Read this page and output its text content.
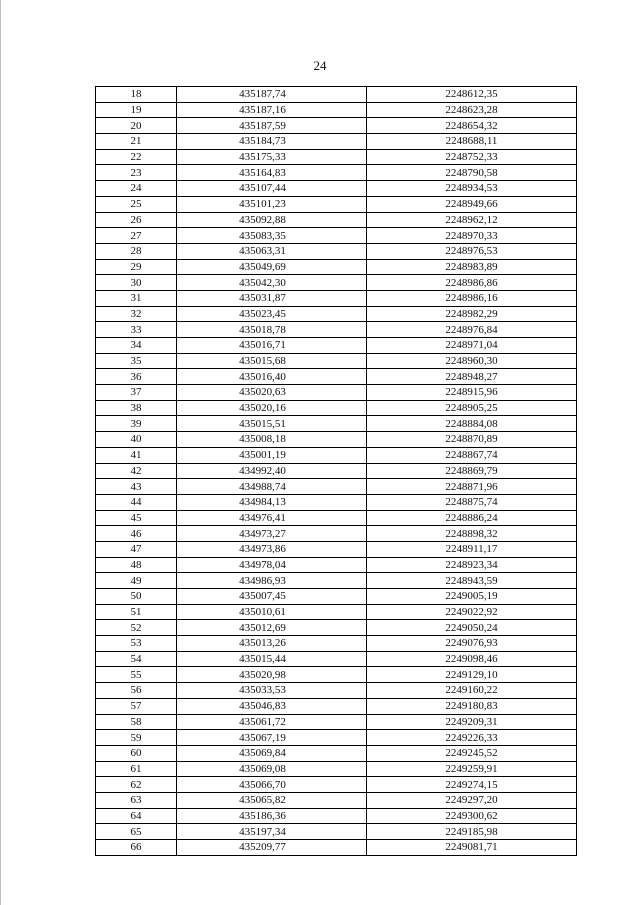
24
18	435187,74	2248612,35
19	435187,16	2248623,28
20	435187,59	2248654,32
21	435184,73	2248688,11
22	435175,33	2248752,33
23	435164,83	2248790,58
24	435107,44	2248934,53
25	435101,23	2248949,66
26	435092,88	2248962,12
27	435083,35	2248970,33
28	435063,31	2248976,53
29	435049,69	2248983,89
30	435042,30	2248986,86
31	435031,87	2248986,16
32	435023,45	2248982,29
33	435018,78	2248976,84
34	435016,71	2248971,04
35	435015,68	2248960,30
36	435016,40	2248948,27
37	435020,63	2248915,96
38	435020,16	2248905,25
39	435015,51	2248884,08
40	435008,18	2248870,89
41	435001,19	2248867,74
42	434992,40	2248869,79
43	434988,74	2248871,96
44	434984,13	2248875,74
45	434976,41	2248886,24
46	434973,27	2248898,32
47	434973,86	2248911,17
48	434978,04	2248923,34
49	434986,93	2248943,59
50	435007,45	2249005,19
51	435010,61	2249022,92
52	435012,69	2249050,24
53	435013,26	2249076,93
54	435015,44	2249098,46
55	435020,98	2249129,10
56	435033,53	2249160,22
57	435046,83	2249180,83
58	435061,72	2249209,31
59	435067,19	2249226,33
60	435069,84	2249245,52
61	435069,08	2249259,91
62	435066,70	2249274,15
63	435065,82	2249297,20
64	435186,36	2249300,62
65	435197,34	2249185,98
66	435209,77	2249081,71
